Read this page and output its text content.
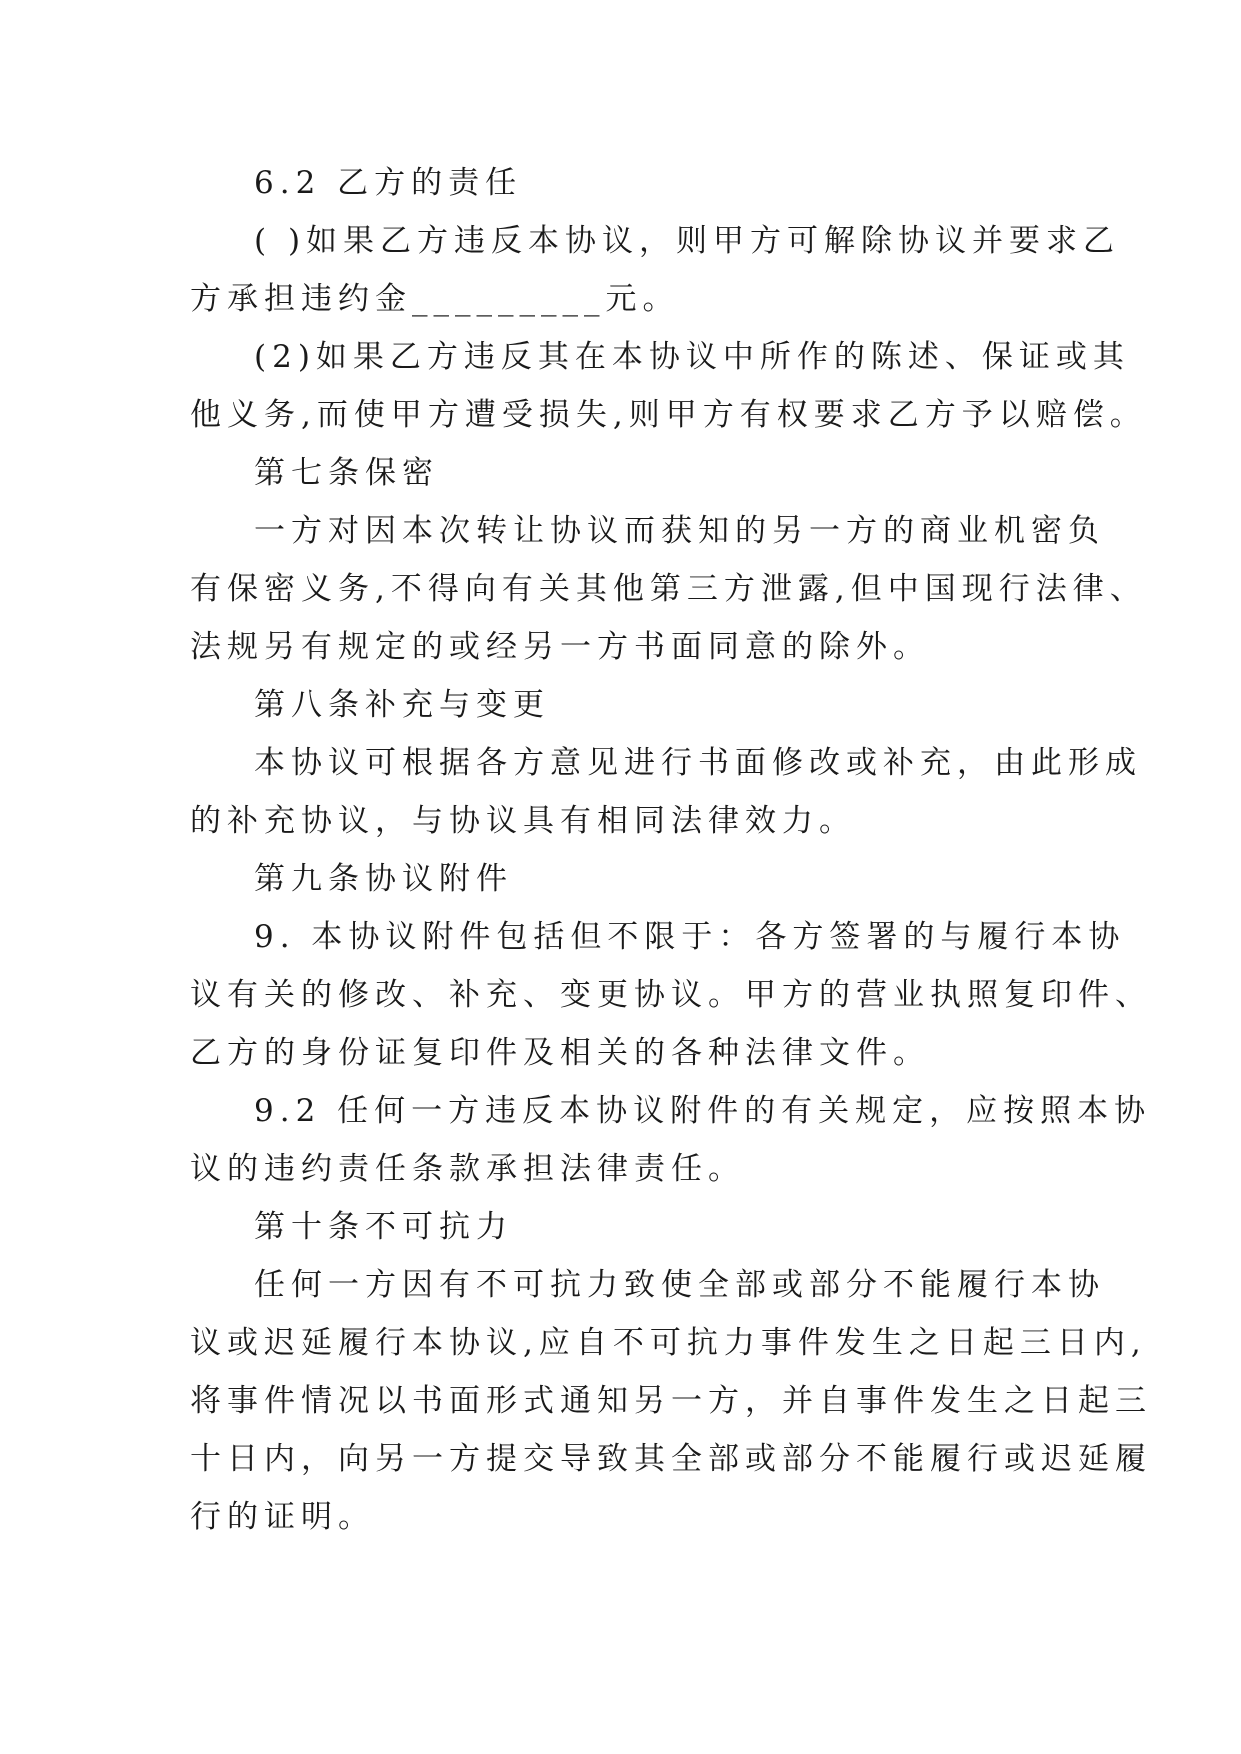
6.2 乙方的责任
( )如果乙方违反本协议，则甲方可解除协议并要求乙
方承担违约金_________元。
(2)如果乙方违反其在本协议中所作的陈述、保证或其
他义务,而使甲方遭受损失,则甲方有权要求乙方予以赔偿。
第七条保密
一方对因本次转让协议而获知的另一方的商业机密负
有保密义务,不得向有关其他第三方泄露,但中国现行法律、
法规另有规定的或经另一方书面同意的除外。
第八条补充与变更
本协议可根据各方意见进行书面修改或补充，由此形成
的补充协议，与协议具有相同法律效力。
第九条协议附件
9. 本协议附件包括但不限于：各方签署的与履行本协
议有关的修改、补充、变更协议。甲方的营业执照复印件、
乙方的身份证复印件及相关的各种法律文件。
9.2 任何一方违反本协议附件的有关规定，应按照本协
议的违约责任条款承担法律责任。
第十条不可抗力
任何一方因有不可抗力致使全部或部分不能履行本协
议或迟延履行本协议,应自不可抗力事件发生之日起三日内,
将事件情况以书面形式通知另一方，并自事件发生之日起三
十日内，向另一方提交导致其全部或部分不能履行或迟延履
行的证明。
